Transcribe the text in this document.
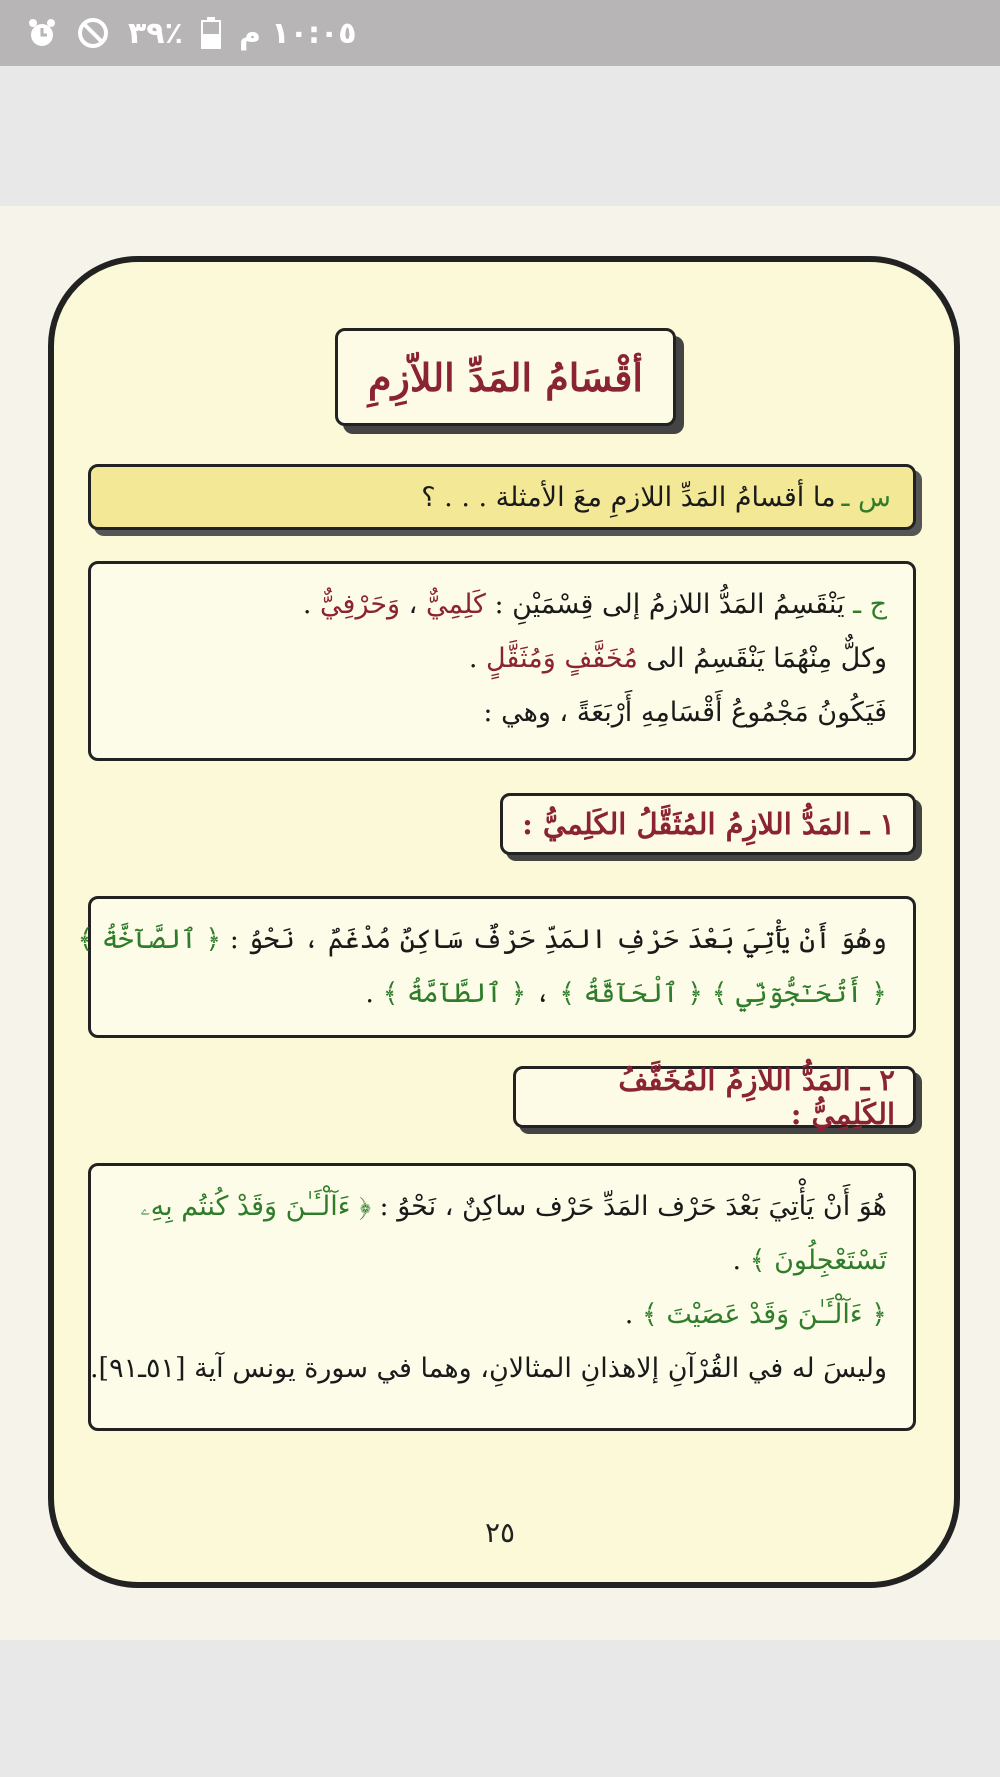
٣٩٪ ١٠:٠٥ م
أقْسَامُ المَدِّ اللاّزِمِ
س ـ
ما أقسامُ المَدِّ اللازمِ معَ الأمثلة . . . ؟

ج ـ يَنْقَسِمُ المَدُّ اللازمُ إلى قِسْمَيْنِ : كَلِمِيٌّ ، وَحَرْفِيٌّ .

وكلٌّ مِنْهُمَا يَنْقَسِمُ الى مُخَفَّفٍ وَمُثَقَّلٍ .

فَيَكُونُ مَجْمُوعُ أَقْسَامِهِ أَرْبَعَةً ، وهي :

١ ـ المَدُّ اللازِمُ المُثَقَّلُ الكَلِميُّ :

وهُوَ أَنْ يَأْتِيَ بَعْدَ حَرْفِ المَدِّ حَرْفٌ سَاكِنٌ مُدْغَمٌ ، نَحْوُ : ﴿ ٱلصَّآخَّةُ ﴾

﴿ أَتُحَـٰٓجُّوٓنِّي ﴾ ﴿ ٱلْحَآقَّةُ ﴾ ، ﴿ ٱلطَّآمَّةُ ﴾ .

٢ ـ المَدُّ اللازِمُ المُخَفَّفُ الكَلِمِيُّ :

هُوَ أَنْ يَأْتِيَ بَعْدَ حَرْف المَدِّ حَرْف ساكِنٌ ، نَحْوُ : ﴿ ءَآلْـَٔـٰنَ وَقَدْ كُنتُم بِهِۦ

تَسْتَعْجِلُونَ ﴾ .

﴿ ءَآلْـَٔـٰنَ وَقَدْ عَصَيْتَ ﴾ .

وليسَ له في القُرْآنِ إلاهذانِ المثالانِ، وهما في سورة يونس آية [٥١ـ٩١].

٢٥
